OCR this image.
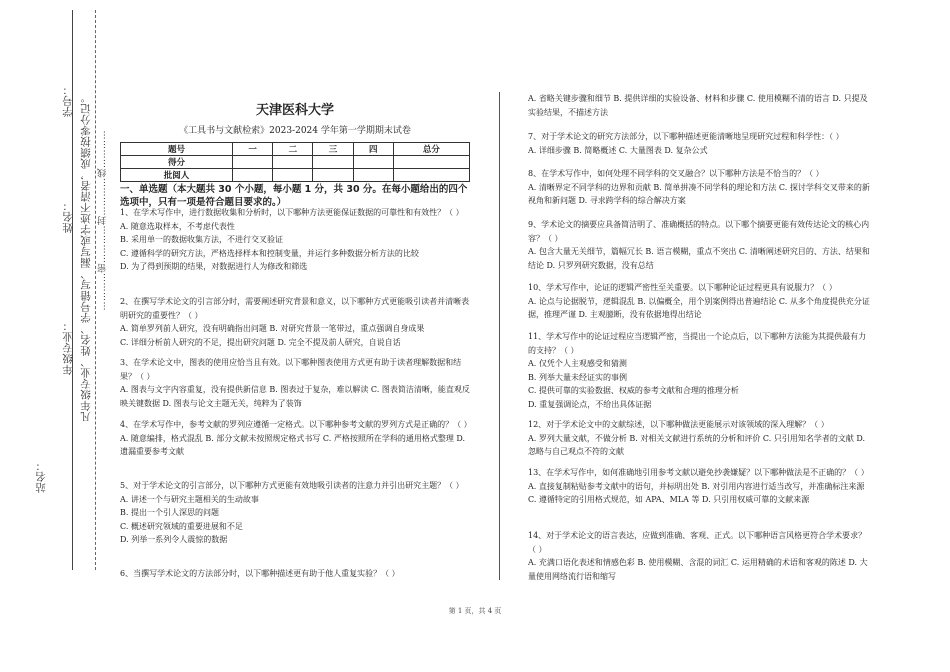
学号：
姓名：
年级专业：
站名：
凡年级专业、姓名、学号错写、漏写或字迹不清者，成绩按零分记。 …………密…………封…………线…………
天津医科大学
《工具书与文献检索》2023-2024 学年第一学期期末试卷
题号	一	二	三	四	总分
得分					
批阅人					
一、单选题（本大题共 30 个小题，每小题 1 分，共 30 分。在每小题给出的四个选项中，只有一项是符合题目要求的。）

1、在学术写作中，进行数据收集和分析时，以下哪种方法更能保证数据的可靠性和有效性？（ ）

A. 随意选取样本，不考虑代表性

B. 采用单一的数据收集方法，不进行交叉验证

C. 遵循科学的研究方法，严格选择样本和控制变量，并运行多种数据分析方法的比较

D. 为了得到预期的结果，对数据进行人为修改和筛选

2、在撰写学术论文的引言部分时，需要阐述研究背景和意义，以下哪种方式更能吸引读者并清晰表明研究的重要性？（ ）

A. 简单罗列前人研究，没有明确指出问题 B. 对研究背景一笔带过，重点强调自身成果

C. 详细分析前人研究的不足，提出研究问题 D. 完全不提及前人研究，自说自话

3、在学术论文中，图表的使用应恰当且有效。以下哪种图表使用方式更有助于读者理解数据和结果？（ ）

A. 图表与文字内容重复，没有提供新信息 B. 图表过于复杂，难以解读 C. 图表简洁清晰，能直观反映关键数据 D. 图表与论文主题无关，纯粹为了装饰

4、在学术写作中，参考文献的罗列应遵循一定格式。以下哪种参考文献的罗列方式是正确的？（ ）

A. 随意编排，格式混乱 B. 部分文献未按照规定格式书写 C. 严格按照所在学科的通用格式整理 D. 遗漏重要参考文献

5、对于学术论文的引言部分，以下哪种方式更能有效地吸引读者的注意力并引出研究主题？（ ）

A. 讲述一个与研究主题相关的生动故事

B. 提出一个引人深思的问题

C. 概述研究领域的重要进展和不足

D. 列举一系列令人震惊的数据

6、当撰写学术论文的方法部分时，以下哪种描述更有助于他人重复实验？（ ）

A. 省略关键步骤和细节 B. 提供详细的实验设备、材料和步骤 C. 使用模糊不清的语言 D. 只提及实验结果，不描述方法

7、对于学术论文的研究方法部分，以下哪种描述更能清晰地呈现研究过程和科学性：（ ）

A. 详细步骤 B. 简略概述 C. 大量图表 D. 复杂公式

8、在学术写作中，如何处理不同学科的交叉融合？以下哪种方法是不恰当的？（ ）

A. 清晰界定不同学科的边界和贡献 B. 简单拼凑不同学科的理论和方法 C. 探讨学科交叉带来的新视角和新问题 D. 寻求跨学科的综合解决方案

9、学术论文的摘要应具备简洁明了、准确概括的特点。以下哪个摘要更能有效传达论文的核心内容？（ ）

A. 包含大量无关细节，篇幅冗长 B. 语言模糊，重点不突出 C. 清晰阐述研究目的、方法、结果和结论 D. 只罗列研究数据，没有总结

10、学术写作中，论证的逻辑严密性至关重要。以下哪种论证过程更具有说服力？（ ）

A. 论点与论据脱节，逻辑混乱 B. 以偏概全，用个别案例得出普遍结论 C. 从多个角度提供充分证据，推理严谨 D. 主观臆断，没有依据地得出结论

11、学术写作中的论证过程应当逻辑严密，当提出一个论点后，以下哪种方法能为其提供最有力的支持？（ ）

A. 仅凭个人主观感受和猜测

B. 列举大量未经证实的事例

C. 提供可靠的实验数据、权威的参考文献和合理的推理分析

D. 重复强调论点，不给出具体证据

12、对于学术论文中的文献综述，以下哪种做法更能展示对该领域的深入理解？（ ）

A. 罗列大量文献，不做分析 B. 对相关文献进行系统的分析和评价 C. 只引用知名学者的文献 D. 忽略与自己观点不符的文献

13、在学术写作中，如何准确地引用参考文献以避免抄袭嫌疑？以下哪种做法是不正确的？（ ）

A. 直接复制粘贴参考文献中的语句，并标明出处 B. 对引用内容进行适当改写，并准确标注来源 C. 遵循特定的引用格式规范，如 APA、MLA 等 D. 只引用权威可靠的文献来源

14、对于学术论文的语言表达，应做到准确、客观、正式。以下哪种语言风格更符合学术要求？（ ）

A. 充满口语化表述和情感色彩 B. 使用模糊、含混的词汇 C. 运用精确的术语和客观的陈述 D. 大量使用网络流行语和缩写

第 1 页，共 4 页
